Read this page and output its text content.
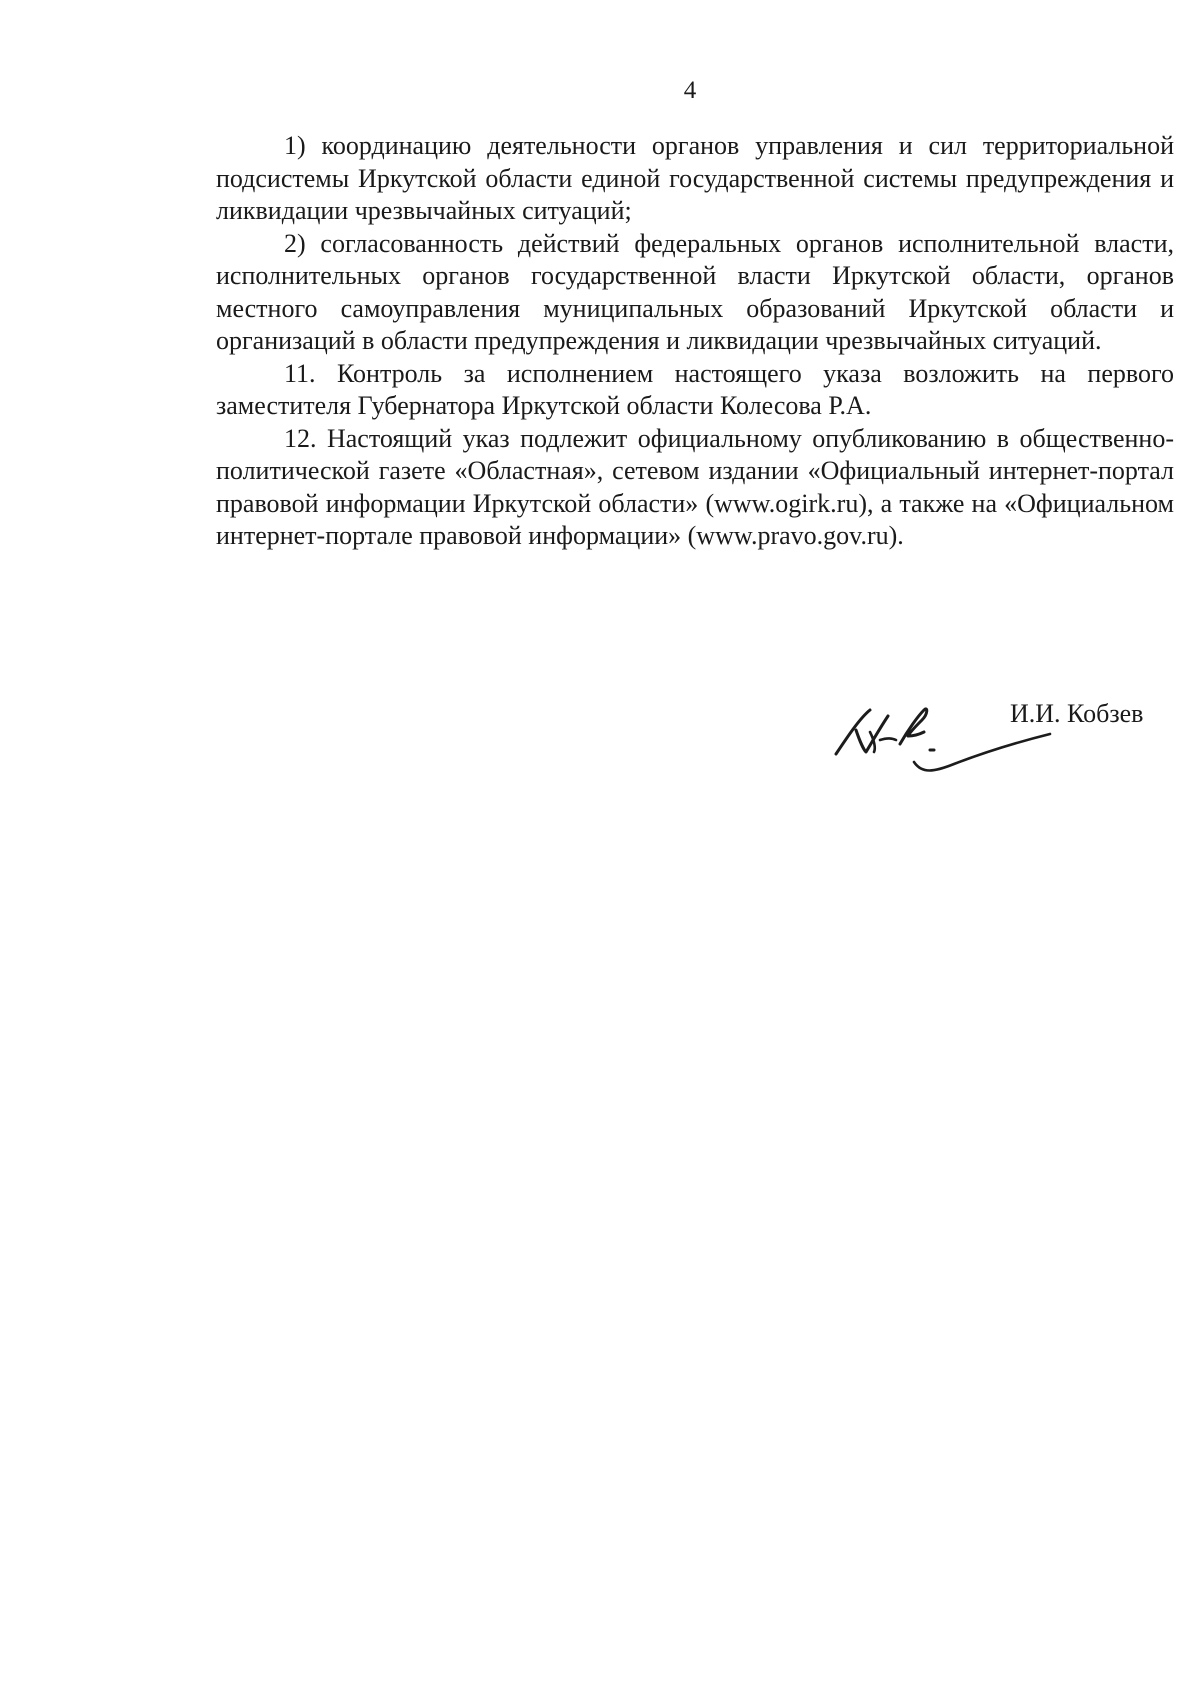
4

1) координацию деятельности органов управления и сил территориальной подсистемы Иркутской области единой государственной системы предупреждения и ликвидации чрезвычайных ситуаций;

2) согласованность действий федеральных органов исполнительной власти, исполнительных органов государственной власти Иркутской области, органов местного самоуправления муниципальных образований Иркутской области и организаций в области предупреждения и ликвидации чрезвычайных ситуаций.

11. Контроль за исполнением настоящего указа возложить на первого заместителя Губернатора Иркутской области Колесова Р.А.

12. Настоящий указ подлежит официальному опубликованию в общественно-политической газете «Областная», сетевом издании «Официальный интернет-портал правовой информации Иркутской области» (www.ogirk.ru), а также на «Официальном интернет-портале правовой информации» (www.pravo.gov.ru).

И.И. Кобзев
